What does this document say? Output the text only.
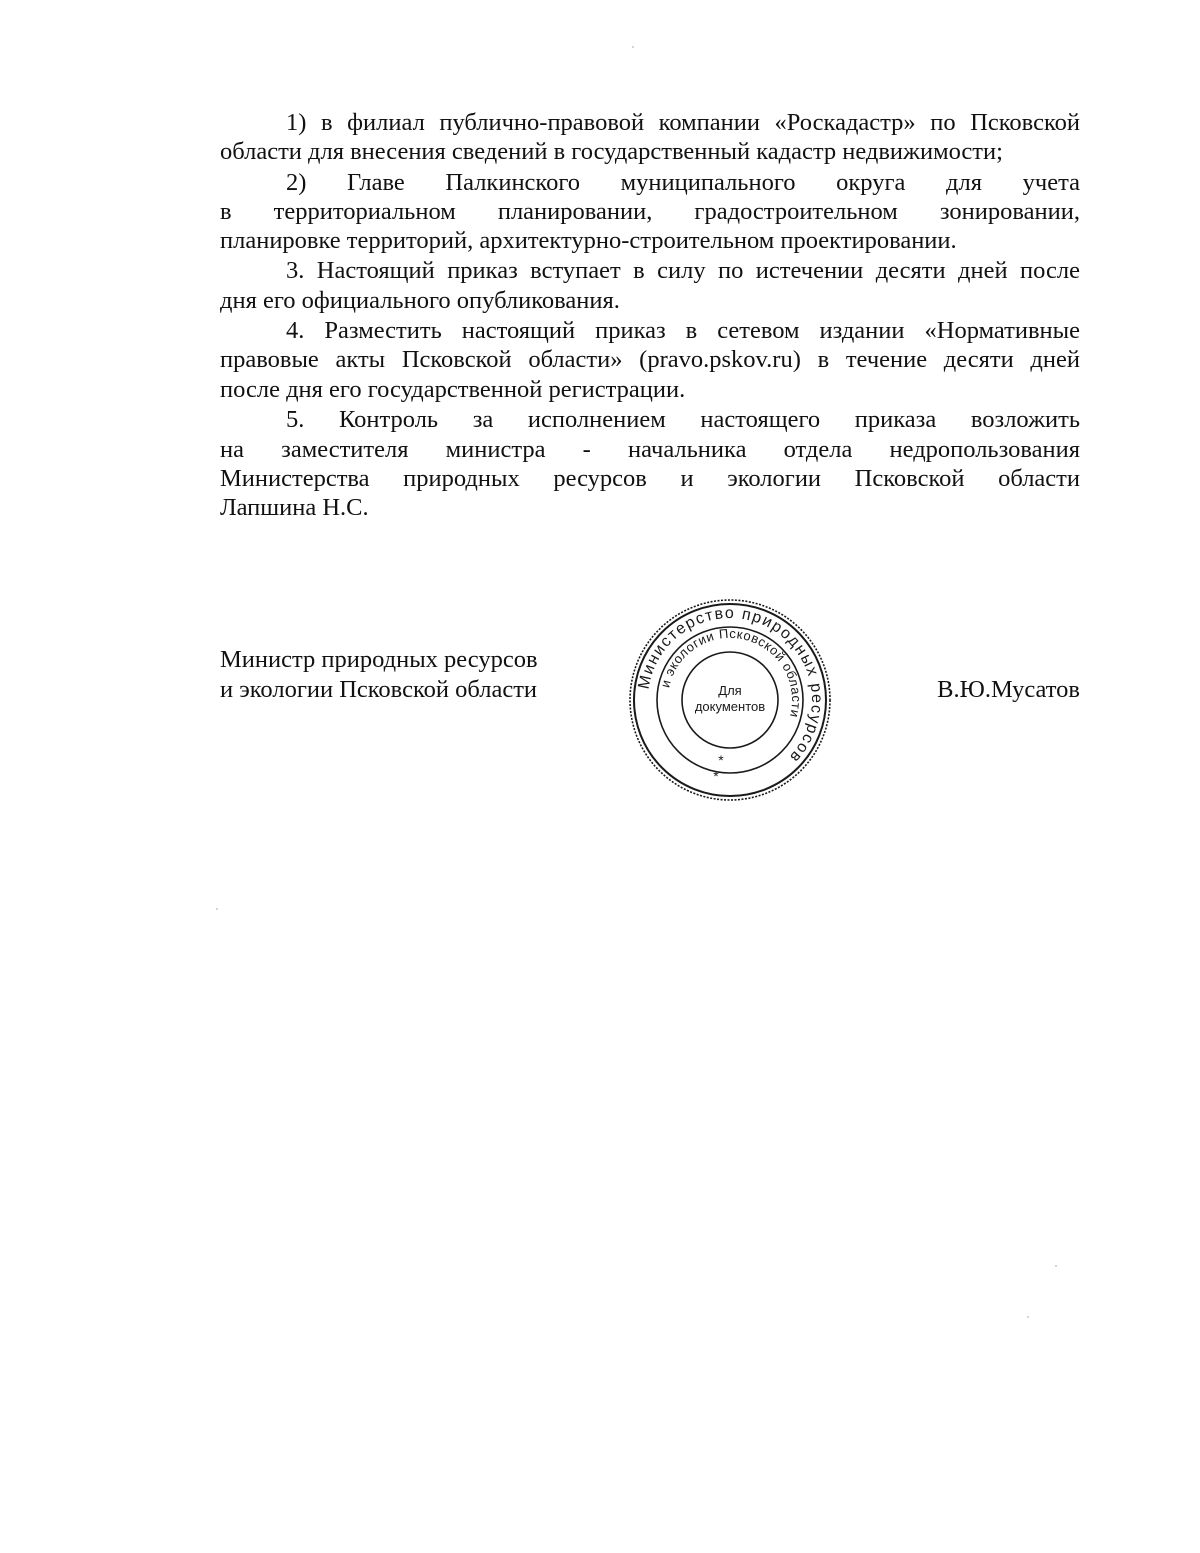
1) в филиал публично-правовой компании «Роскадастр» по Псковской
области для внесения сведений в государственный кадастр недвижимости;
2) Главе Палкинского муниципального округа для учета
в территориальном планировании, градостроительном зонировании,
планировке территорий, архитектурно-строительном проектировании.
3. Настоящий приказ вступает в силу по истечении десяти дней после
дня его официального опубликования.
4. Разместить настоящий приказ в сетевом издании «Нормативные
правовые акты Псковской области» (pravo.pskov.ru) в течение десяти дней
после дня его государственной регистрации.
5. Контроль за исполнением настоящего приказа возложить
на заместителя министра - начальника отдела недропользования
Министерства природных ресурсов и экологии Псковской области
Лапшина Н.С.
Министр природных ресурсов
и экологии Псковской области	Министерство природных ресурсов
и экологии Псковской области
Для
документов
*
*
В.Ю.Мусатов
